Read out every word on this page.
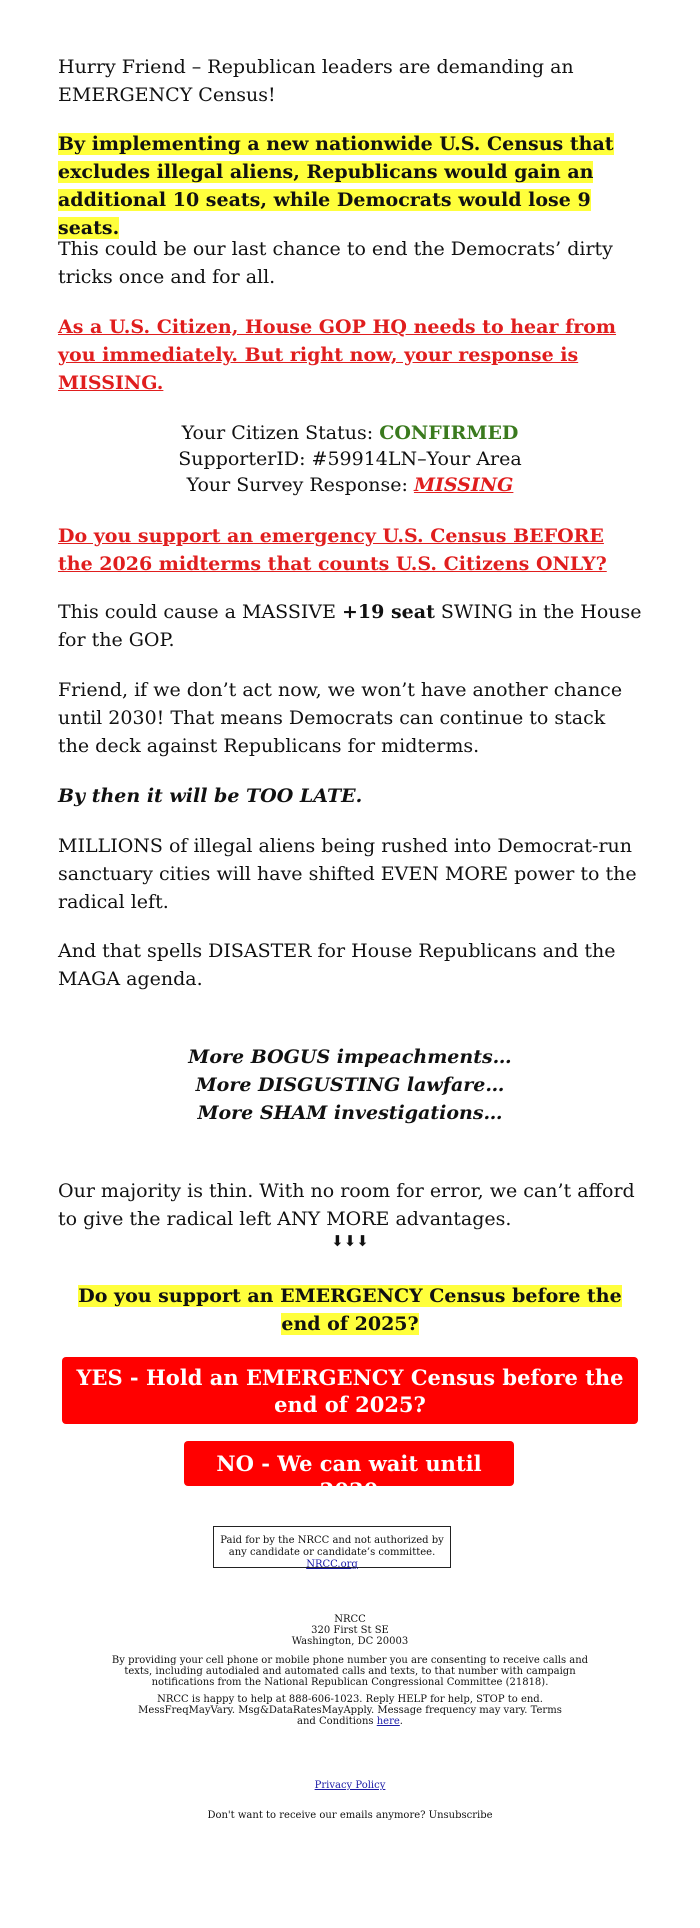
Hurry Friend – Republican leaders are demanding an EMERGENCY Census!

By implementing a new nationwide U.S. Census that excludes illegal aliens, Republicans would gain an additional 10 seats, while Democrats would lose 9 seats.

This could be our last chance to end the Democrats’ dirty tricks once and for all.

As a U.S. Citizen, House GOP HQ needs to hear from you immediately. But right now, your response is MISSING.

Your Citizen Status: CONFIRMED
SupporterID: #59914LN–Your Area
Your Survey Response: MISSING

Do you support an emergency U.S. Census BEFORE the 2026 midterms that counts U.S. Citizens ONLY?

This could cause a MASSIVE +19 seat SWING in the House for the GOP.

Friend, if we don’t act now, we won’t have another chance until 2030! That means Democrats can continue to stack the deck against Republicans for midterms.

By then it will be TOO LATE.

MILLIONS of illegal aliens being rushed into Democrat-run sanctuary cities will have shifted EVEN MORE power to the radical left.

And that spells DISASTER for House Republicans and the MAGA agenda.

More BOGUS impeachments…
More DISGUSTING lawfare…
More SHAM investigations…

Our majority is thin. With no room for error, we can’t afford to give the radical left ANY MORE advantages.

⬇⬇⬇

Do you support an EMERGENCY Census before the end of 2025?

YES - Hold an EMERGENCY Census before the end of 2025?
NO - We can wait until 2030
Paid for by the NRCC and not authorized by any candidate or candidate’s committee. NRCC.org
NRCC
320 First St SE
Washington, DC 20003
By providing your cell phone or mobile phone number you are consenting to receive calls and texts, including autodialed and automated calls and texts, to that number with campaign notifications from the National Republican Congressional Committee (21818).
NRCC is happy to help at 888-606-1023. Reply HELP for help, STOP to end. MessFreqMayVary. Msg&DataRatesMayApply. Message frequency may vary. Terms and Conditions here.
Privacy Policy
Don't want to receive our emails anymore? Unsubscribe
